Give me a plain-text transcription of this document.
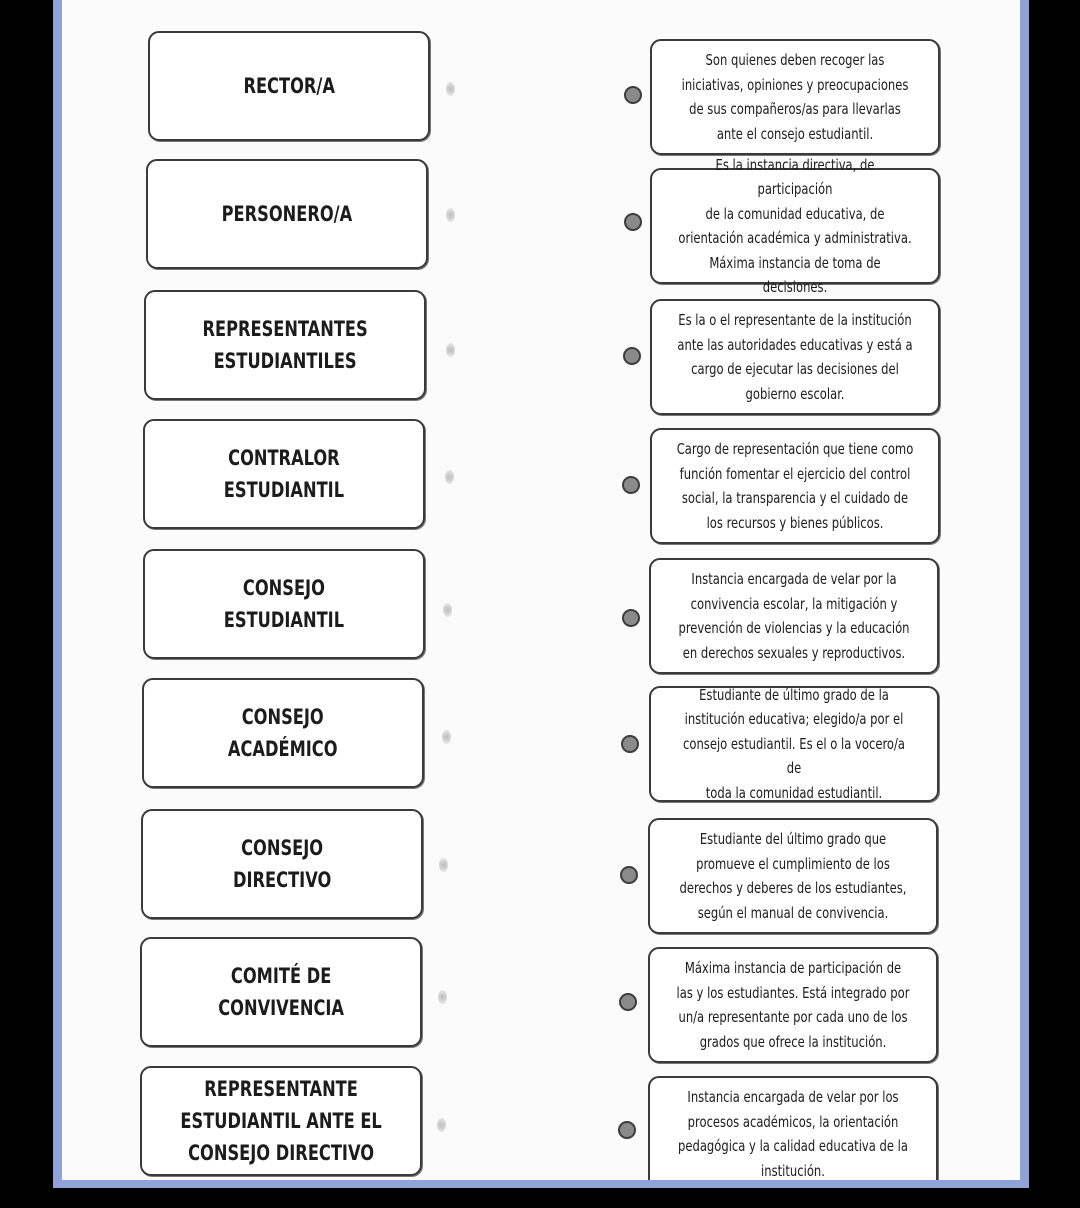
RECTOR/A
Son quienes deben recoger las
iniciativas, opiniones y preocupaciones
de sus compañeros/as para llevarlas
ante el consejo estudiantil.
PERSONERO/A
Es la instancia directiva, de participación
de la comunidad educativa, de
orientación académica y administrativa.
Máxima instancia de toma de decisiones.
REPRESENTANTES
ESTUDIANTILES
Es la o el representante de la institución
ante las autoridades educativas y está a
cargo de ejecutar las decisiones del
gobierno escolar.
CONTRALOR
ESTUDIANTIL
Cargo de representación que tiene como
función fomentar el ejercicio del control
social, la transparencia y el cuidado de
los recursos y bienes públicos.
CONSEJO
ESTUDIANTIL
Instancia encargada de velar por la
convivencia escolar, la mitigación y
prevención de violencias y la educación
en derechos sexuales y reproductivos.
CONSEJO
ACADÉMICO
Estudiante de último grado de la
institución educativa; elegido/a por el
consejo estudiantil. Es el o la vocero/a de
toda la comunidad estudiantil.
CONSEJO
DIRECTIVO
Estudiante del último grado que
promueve el cumplimiento de los
derechos y deberes de los estudiantes,
según el manual de convivencia.
COMITÉ DE
CONVIVENCIA
Máxima instancia de participación de
las y los estudiantes. Está integrado por
un/a representante por cada uno de los
grados que ofrece la institución.
REPRESENTANTE
ESTUDIANTIL ANTE EL
CONSEJO DIRECTIVO
Instancia encargada de velar por los
procesos académicos, la orientación
pedagógica y la calidad educativa de la
institución.
